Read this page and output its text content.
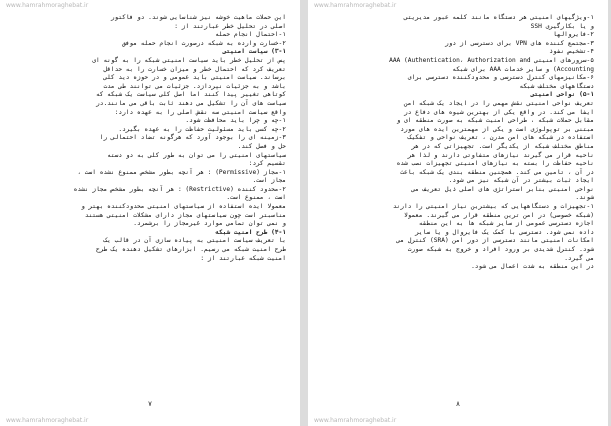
www.hamrahmoraghebat.ir

این حملات ماهیت خوشه نیز شناسایی شوند. دو فاکتور

اصلی در تحلیل خطر عبارتند از :

۱-احتمال انجام حمله

۲-خسارت وارده به شبکه درصورت انجام حمله موفق

۳-۱) سیاست امنیتی

پس از تحلیل خطر باید سیاست امنیتی شبکه را به گونه ای

تعریف کرد که احتمال خطر و میزان خسارت را به حداقل

برساند. سیاست امنیتی باید عمومی و در حوزه دید کلی

باشد و به جزئیات نپردازد. جزئیات می توانند طی مدت

کوتاهی تغییر پیدا کنند اما اصل کلی سیاست یک شبکه که

سیاست های آن را تشکیل می دهند ثابت باقی می مانند.در

واقع سیاست امنیتی سه نقش اصلی را به عهده دارد:

۱-چه و چرا باید محافظت شود.

۲-چه کسی باید مسئولیت حفاظت را به عهده بگیرد.

۳-زمینه ای را بوجود آورد که هرگونه تضاد احتمالی را

حل و فصل کند.

سیاستهای امنیتی را می توان به طور کلی به دو دسته

تقسیم کرد:

۱-مجاز (Permissive) : هر آنچه بطور مشخص ممنوع نشده است ،

مجاز است.

۲-محدود کننده (Restrictive) : هر آنچه بطور مشخص مجاز نشده

است ، ممنوع است.

معمولا ایده استفاده از سیاستهای امنیتی محدودکننده بهتر و

مناسبتر است چون سیاستهای مجاز دارای مشکلات امنیتی هستند

و نمی توان تمامی موارد غیرمجاز را برشمرد.

۴-۱) طرح امنیت شبکه

با تعریف سیاست امنیتی به پیاده سازی آن در قالب یک

طرح امنیت شبکه می رسیم. ابزارهای تشکیل دهنده یک طرح

امنیت شبکه عبارتند از :

www.hamrahmoraghebat.ir
۷
www.hamrahmoraghebat.ir

۱-ویژگیهای امنیتی هر دستگاه مانند کلمه عبور مدیریتی

و یا بکارگیری SSH

۲-فایروالها

۳-مجتمع کننده های VPN برای دسترسی از دور

۴-تشخیص نفوذ

۵-سرورهای امنیتی AAA (Authentication، Authorization and

Accounting) و سایر خدمات AAA برای شبکه

۶-مکانیزمهای کنترل دسترسی و محدودکننده دسترسی برای

دستگاههای مختلف شبکه

۵-۱) نواحی امنیتی

تعریف نواحی امنیتی نقش مهمی را در ایجاد یک شبکه امن

ایفا می کند. در واقع یکی از بهترین شیوه های دفاع در

مقابل حملات شبکه ، طراحی امنیت شبکه به صورت منطقه ای و

مبتنی بر توپولوژی است و یکی از مهمترین ایده های مورد

استفاده در شبکه های امن مدرن ، تعریف نواحی و تفکیک

مناطق مختلف شبکه از یکدیگر است. تجهیزاتی که در هر

ناحیه قرار می گیرند نیازهای متفاوتی دارند و لذا هر

ناحیه حفاظت را بسته به نیازهای امنیتی تجهیزات نصب شده

در آن ، تامین می کند. همچنین منطقه بندی یک شبکه باعث

ایجاد ثبات بیشتر در آن شبکه نیز می شود.

نواحی امنیتی بنابر استراتژی های اصلی ذیل تعریف می

شوند.

۱-تجهیزات و دستگاههایی که بیشترین نیاز امنیتی را دارند

(شبکه خصوصی) در امن ترین منطقه قرار می گیرند. معمولا

اجازه دسترسی عمومی از سایر شبکه ها به این منطقه

داده نمی شود. دسترسی با کمک یک فایروال و یا سایر

امکانات امنیتی مانند دسترسی از دور امن (SRA) کنترل می

شود. کنترل شدیدی بر ورود افراد و خروج به شبکه صورت

می گیرد.

در این منطقه به شدت اعمال می شود.

www.hamrahmoraghebat.ir
۸
